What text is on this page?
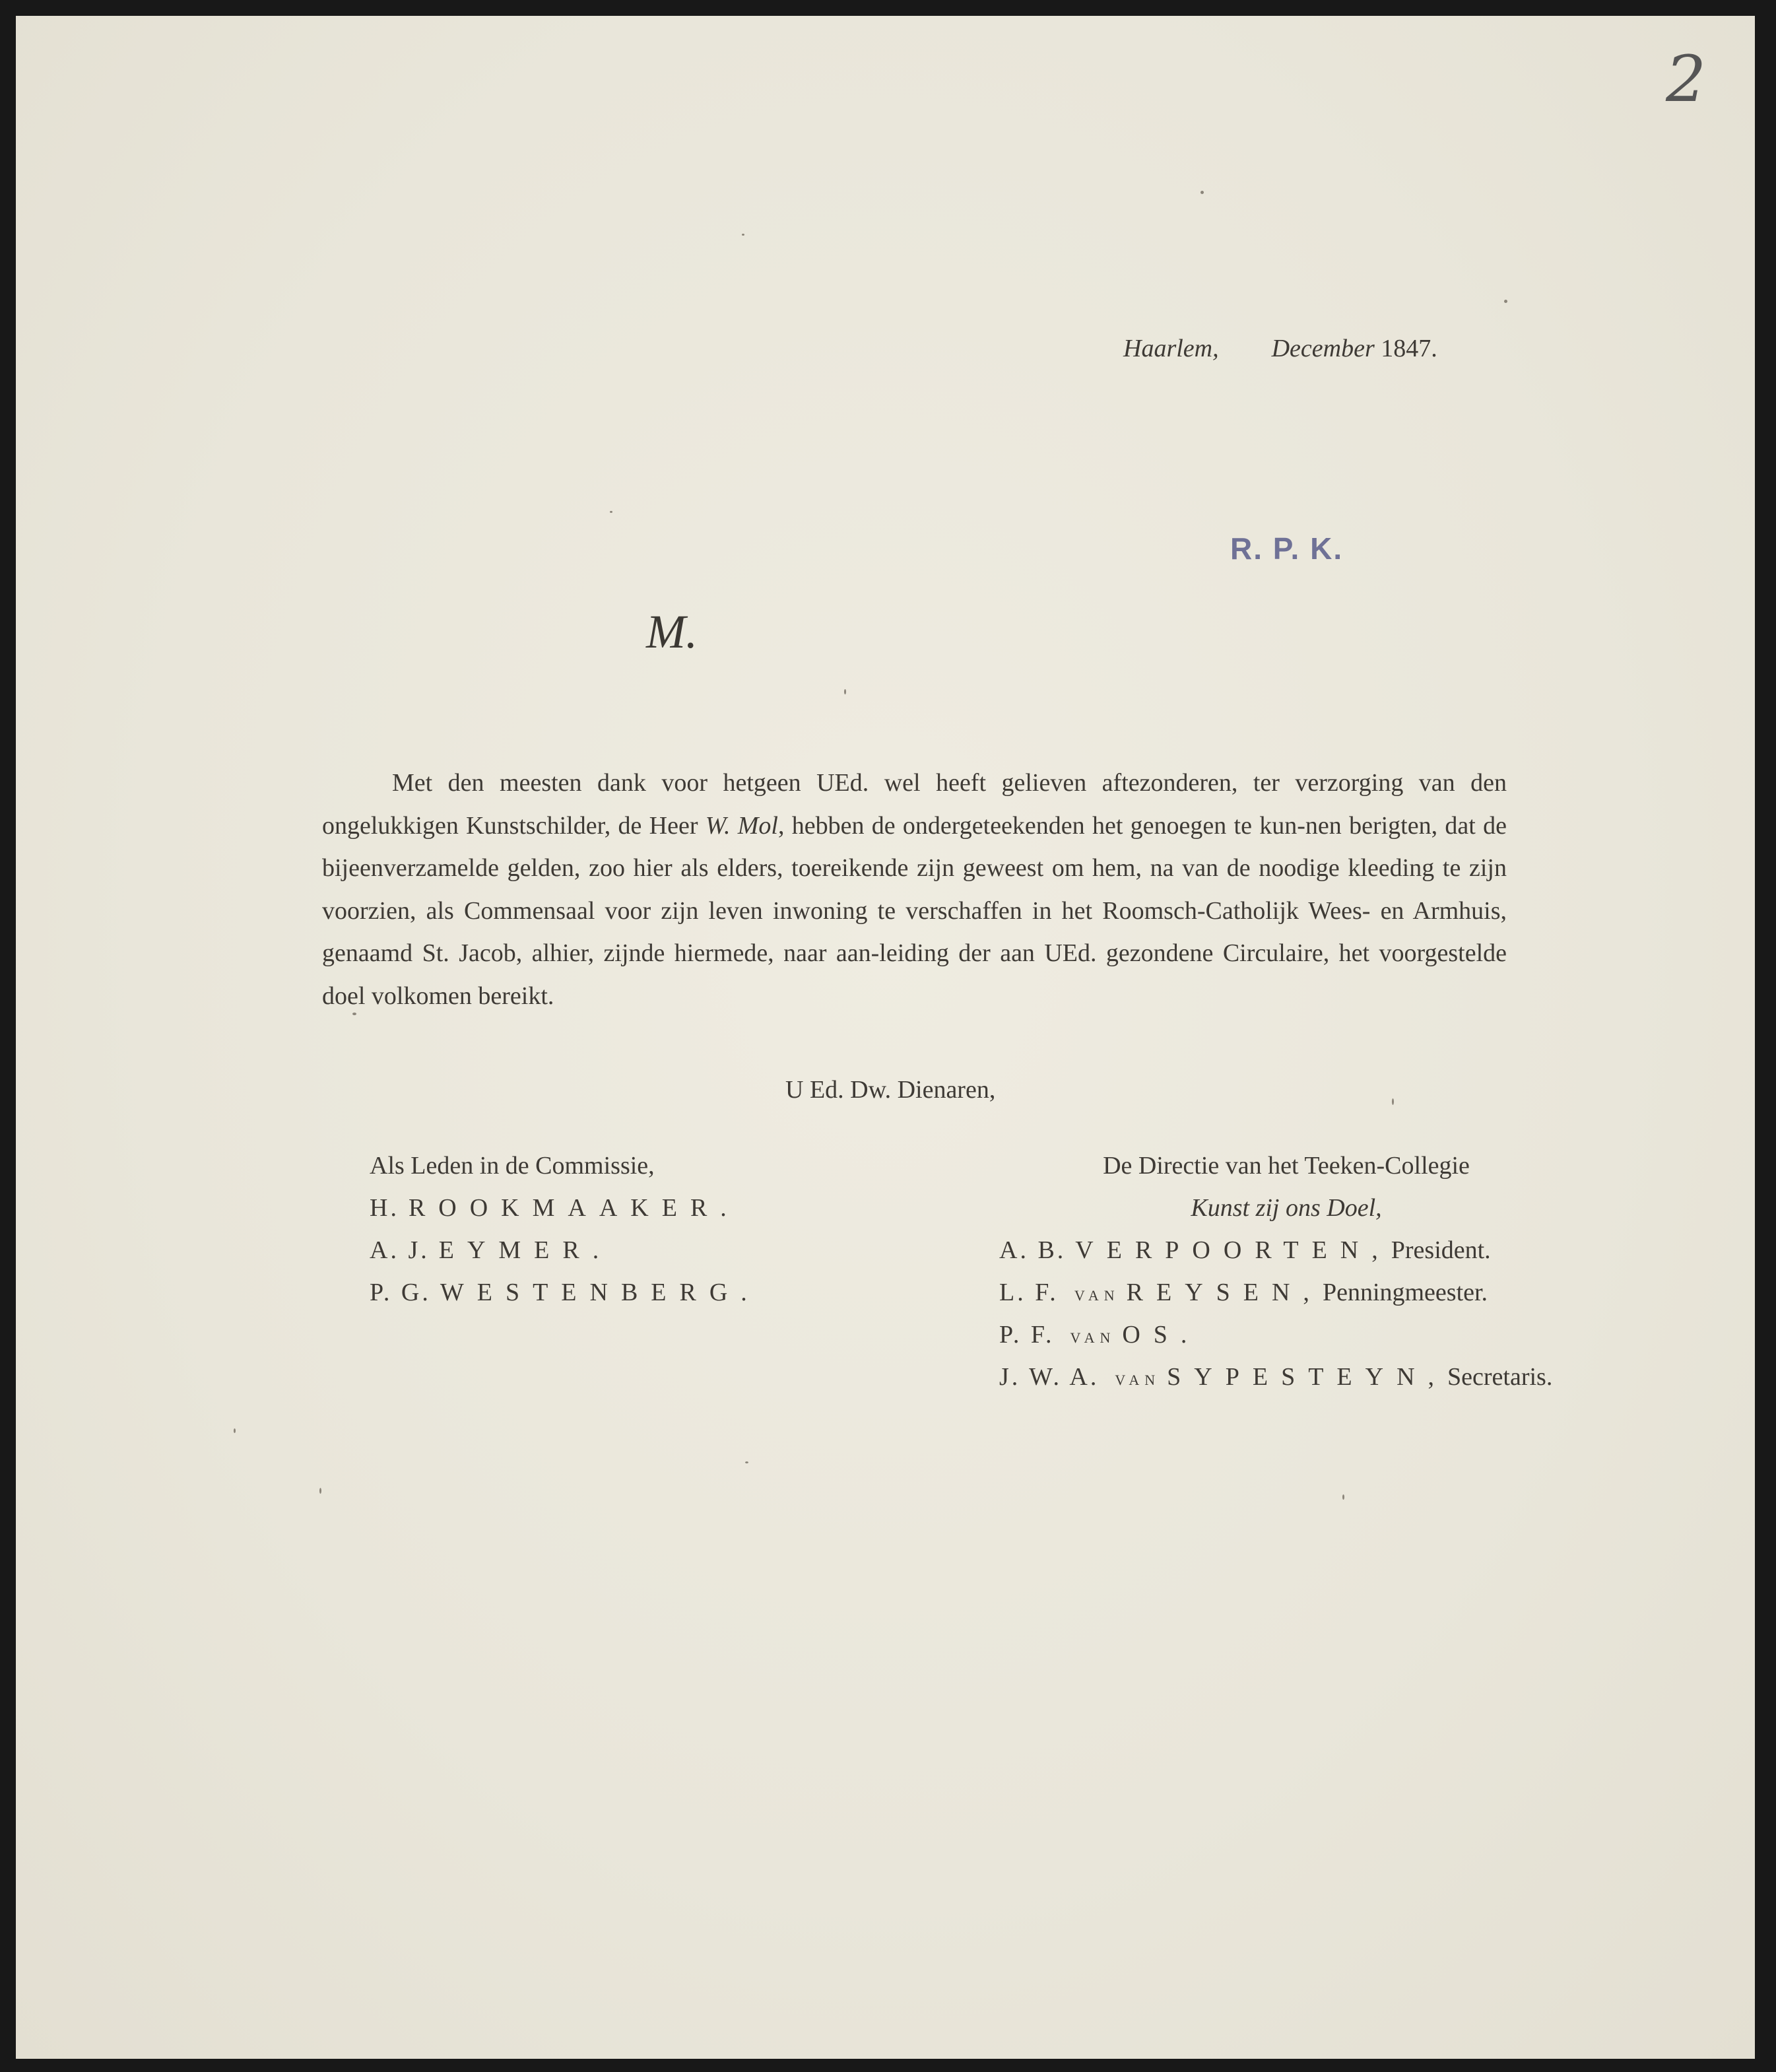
2
Haarlem, December 1847.
R. P. K.
M.
Met den meesten dank voor hetgeen UEd. wel heeft gelieven aftezonderen, ter verzorging van den ongelukkigen Kunstschilder, de Heer W. Mol, hebben de ondergeteekenden het genoegen te kun-nen berigten, dat de bijeenverzamelde gelden, zoo hier als elders, toereikende zijn geweest om hem, na van de noodige kleeding te zijn voorzien, als Commensaal voor zijn leven inwoning te verschaffen in het Roomsch-Catholijk Wees- en Armhuis, genaamd St. Jacob, alhier, zijnde hiermede, naar aan-leiding der aan UEd. gezondene Circulaire, het voorgestelde doel volkomen bereikt.
U Ed. Dw. Dienaren,
Als Leden in de Commissie,
H. ROOKMAAKER.
A. J. EYMER.
P. G. WESTENBERG.
De Directie van het Teeken-Collegie
Kunst zij ons Doel,
A. B. VERPOORTEN,President.
L. F. VAN REYSEN,Penningmeester.
P. F. VAN OS.
J. W. A. VAN SYPESTEYN,Secretaris.
